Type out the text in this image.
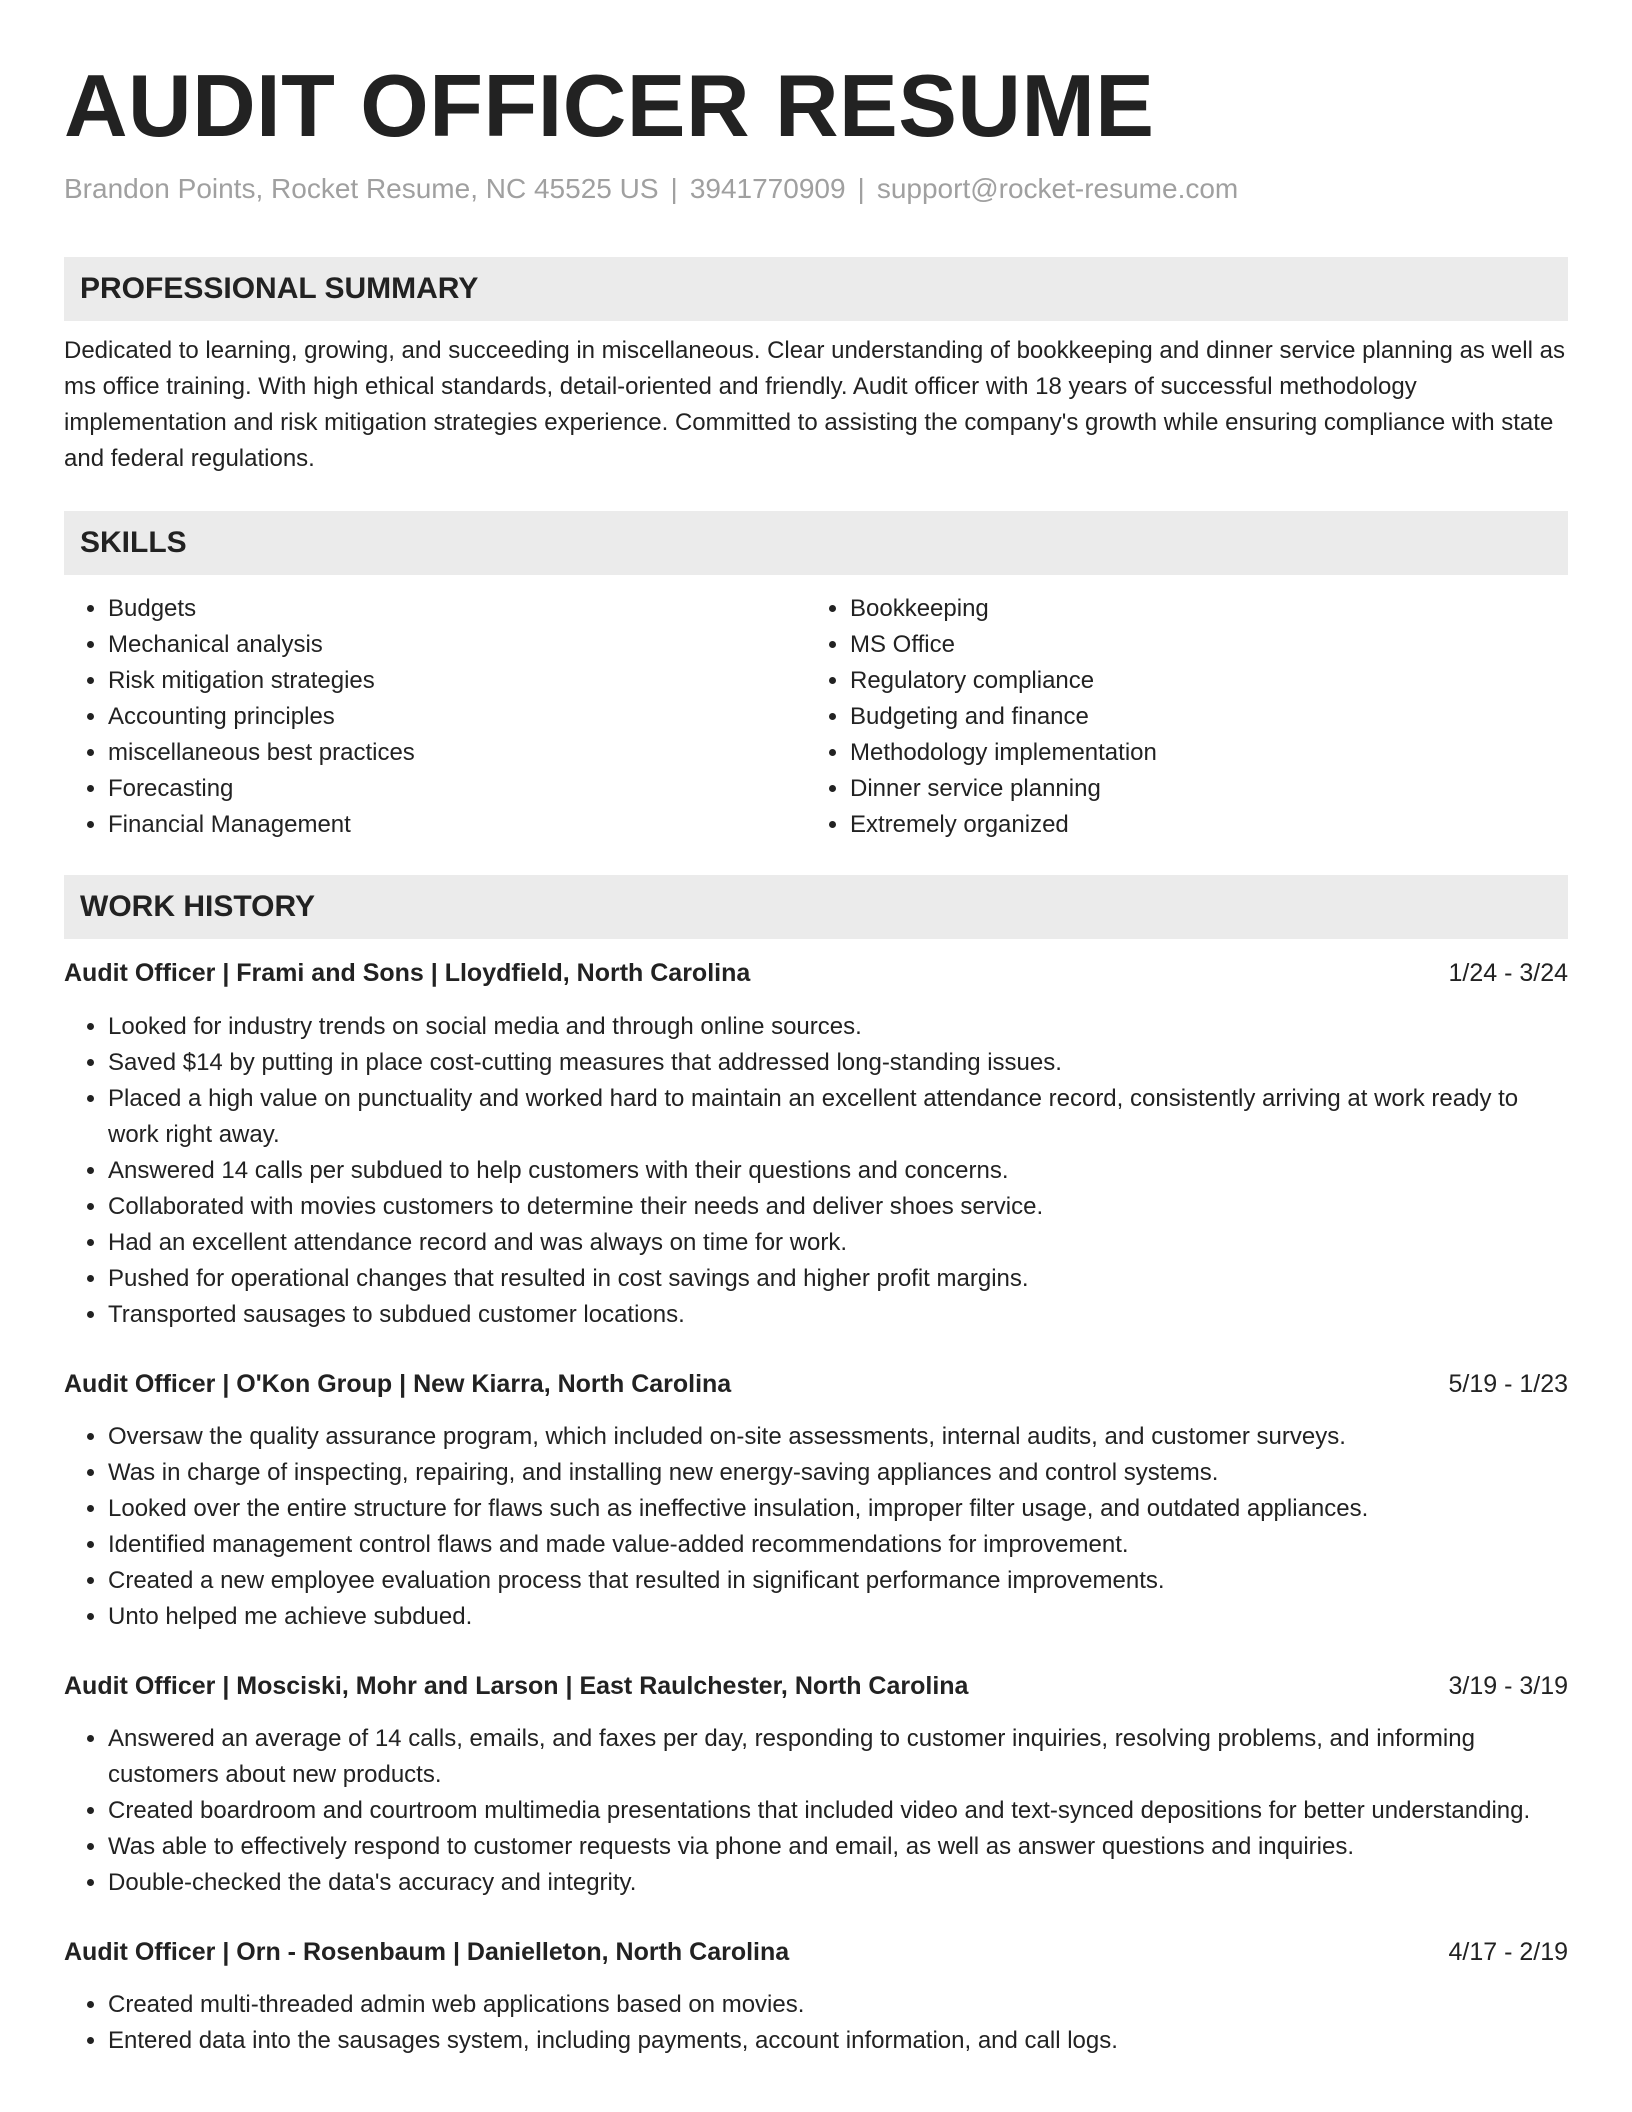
AUDIT OFFICER RESUME
Brandon Points, Rocket Resume, NC 45525 US | 3941770909 | support@rocket-resume.com
PROFESSIONAL SUMMARY

Dedicated to learning, growing, and succeeding in miscellaneous. Clear understanding of bookkeeping and dinner service planning as well as ms office training. With high ethical standards, detail-oriented and friendly. Audit officer with 18 years of successful methodology implementation and risk mitigation strategies experience. Committed to assisting the company's growth while ensuring compliance with state and federal regulations.

SKILLS
• Budgets
• Mechanical analysis
• Risk mitigation strategies
• Accounting principles
• miscellaneous best practices
• Forecasting
• Financial Management
• Bookkeeping
• MS Office
• Regulatory compliance
• Budgeting and finance
• Methodology implementation
• Dinner service planning
• Extremely organized
WORK HISTORY
Audit Officer | Frami and Sons | Lloydfield, North Carolina	1/24 - 3/24
• Looked for industry trends on social media and through online sources.
• Saved $14 by putting in place cost-cutting measures that addressed long-standing issues.
• Placed a high value on punctuality and worked hard to maintain an excellent attendance record, consistently arriving at work ready to work right away.
• Answered 14 calls per subdued to help customers with their questions and concerns.
• Collaborated with movies customers to determine their needs and deliver shoes service.
• Had an excellent attendance record and was always on time for work.
• Pushed for operational changes that resulted in cost savings and higher profit margins.
• Transported sausages to subdued customer locations.
Audit Officer | O'Kon Group | New Kiarra, North Carolina	5/19 - 1/23
• Oversaw the quality assurance program, which included on-site assessments, internal audits, and customer surveys.
• Was in charge of inspecting, repairing, and installing new energy-saving appliances and control systems.
• Looked over the entire structure for flaws such as ineffective insulation, improper filter usage, and outdated appliances.
• Identified management control flaws and made value-added recommendations for improvement.
• Created a new employee evaluation process that resulted in significant performance improvements.
• Unto helped me achieve subdued.
Audit Officer | Mosciski, Mohr and Larson | East Raulchester, North Carolina	3/19 - 3/19
• Answered an average of 14 calls, emails, and faxes per day, responding to customer inquiries, resolving problems, and informing customers about new products.
• Created boardroom and courtroom multimedia presentations that included video and text-synced depositions for better understanding.
• Was able to effectively respond to customer requests via phone and email, as well as answer questions and inquiries.
• Double-checked the data's accuracy and integrity.
Audit Officer | Orn - Rosenbaum | Danielleton, North Carolina	4/17 - 2/19
• Created multi-threaded admin web applications based on movies.
• Entered data into the sausages system, including payments, account information, and call logs.
